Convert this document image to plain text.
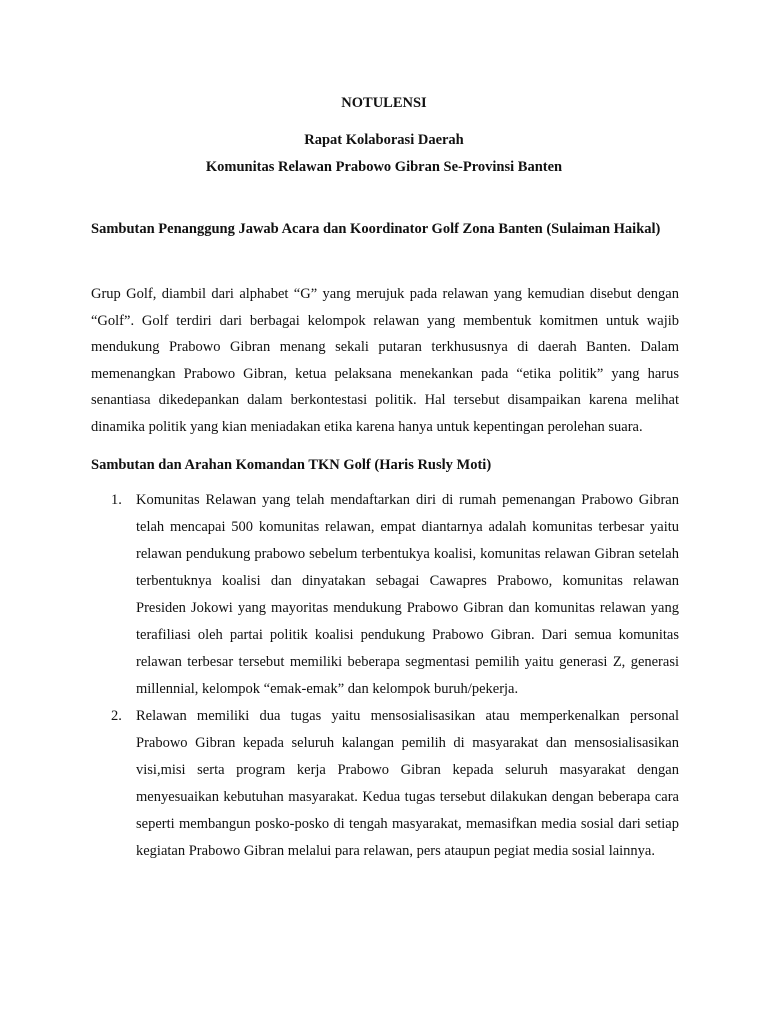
NOTULENSI
Rapat Kolaborasi Daerah
Komunitas Relawan Prabowo Gibran Se-Provinsi Banten
Sambutan Penanggung Jawab Acara dan Koordinator Golf Zona Banten (Sulaiman Haikal)
Grup Golf, diambil dari alphabet “G” yang merujuk pada relawan yang kemudian disebut dengan “Golf”. Golf terdiri dari berbagai kelompok relawan yang membentuk komitmen untuk wajib mendukung Prabowo Gibran menang sekali putaran terkhususnya di daerah Banten. Dalam memenangkan Prabowo Gibran, ketua pelaksana menekankan pada “etika politik” yang harus senantiasa dikedepankan dalam berkontestasi politik. Hal tersebut disampaikan karena melihat dinamika politik yang kian meniadakan etika karena hanya untuk kepentingan perolehan suara.
Sambutan dan Arahan Komandan TKN Golf (Haris Rusly Moti)
1. Komunitas Relawan yang telah mendaftarkan diri di rumah pemenangan Prabowo Gibran telah mencapai 500 komunitas relawan, empat diantarnya adalah komunitas terbesar yaitu relawan pendukung prabowo sebelum terbentukya koalisi, komunitas relawan Gibran setelah terbentuknya koalisi dan dinyatakan sebagai Cawapres Prabowo, komunitas relawan Presiden Jokowi yang mayoritas mendukung Prabowo Gibran dan komunitas relawan yang terafiliasi oleh partai politik koalisi pendukung Prabowo Gibran. Dari semua komunitas relawan terbesar tersebut memiliki beberapa segmentasi pemilih yaitu generasi Z, generasi millennial, kelompok “emak-emak” dan kelompok buruh/pekerja.
2. Relawan memiliki dua tugas yaitu mensosialisasikan atau memperkenalkan personal Prabowo Gibran kepada seluruh kalangan pemilih di masyarakat dan mensosialisasikan visi,misi serta program kerja Prabowo Gibran kepada seluruh masyarakat dengan menyesuaikan kebutuhan masyarakat. Kedua tugas tersebut dilakukan dengan beberapa cara seperti membangun posko-posko di tengah masyarakat, memasifkan media sosial dari setiap kegiatan Prabowo Gibran melalui para relawan, pers ataupun pegiat media sosial lainnya.
